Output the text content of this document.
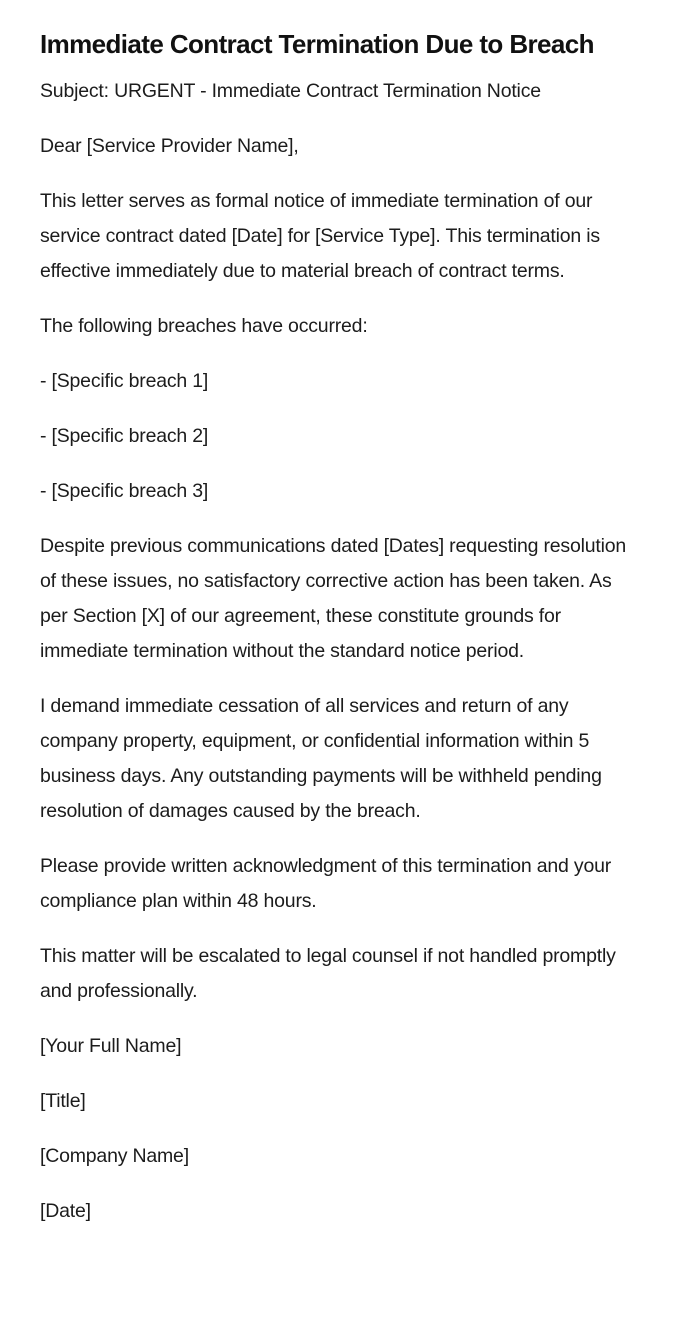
Immediate Contract Termination Due to Breach

Subject: URGENT - Immediate Contract Termination Notice

Dear [Service Provider Name],

This letter serves as formal notice of immediate termination of our service contract dated [Date] for [Service Type]. This termination is effective immediately due to material breach of contract terms.

The following breaches have occurred:

- [Specific breach 1]

- [Specific breach 2]

- [Specific breach 3]

Despite previous communications dated [Dates] requesting resolution of these issues, no satisfactory corrective action has been taken. As per Section [X] of our agreement, these constitute grounds for immediate termination without the standard notice period.

I demand immediate cessation of all services and return of any company property, equipment, or confidential information within 5 business days. Any outstanding payments will be withheld pending resolution of damages caused by the breach.

Please provide written acknowledgment of this termination and your compliance plan within 48 hours.

This matter will be escalated to legal counsel if not handled promptly and professionally.

[Your Full Name]

[Title]

[Company Name]

[Date]
